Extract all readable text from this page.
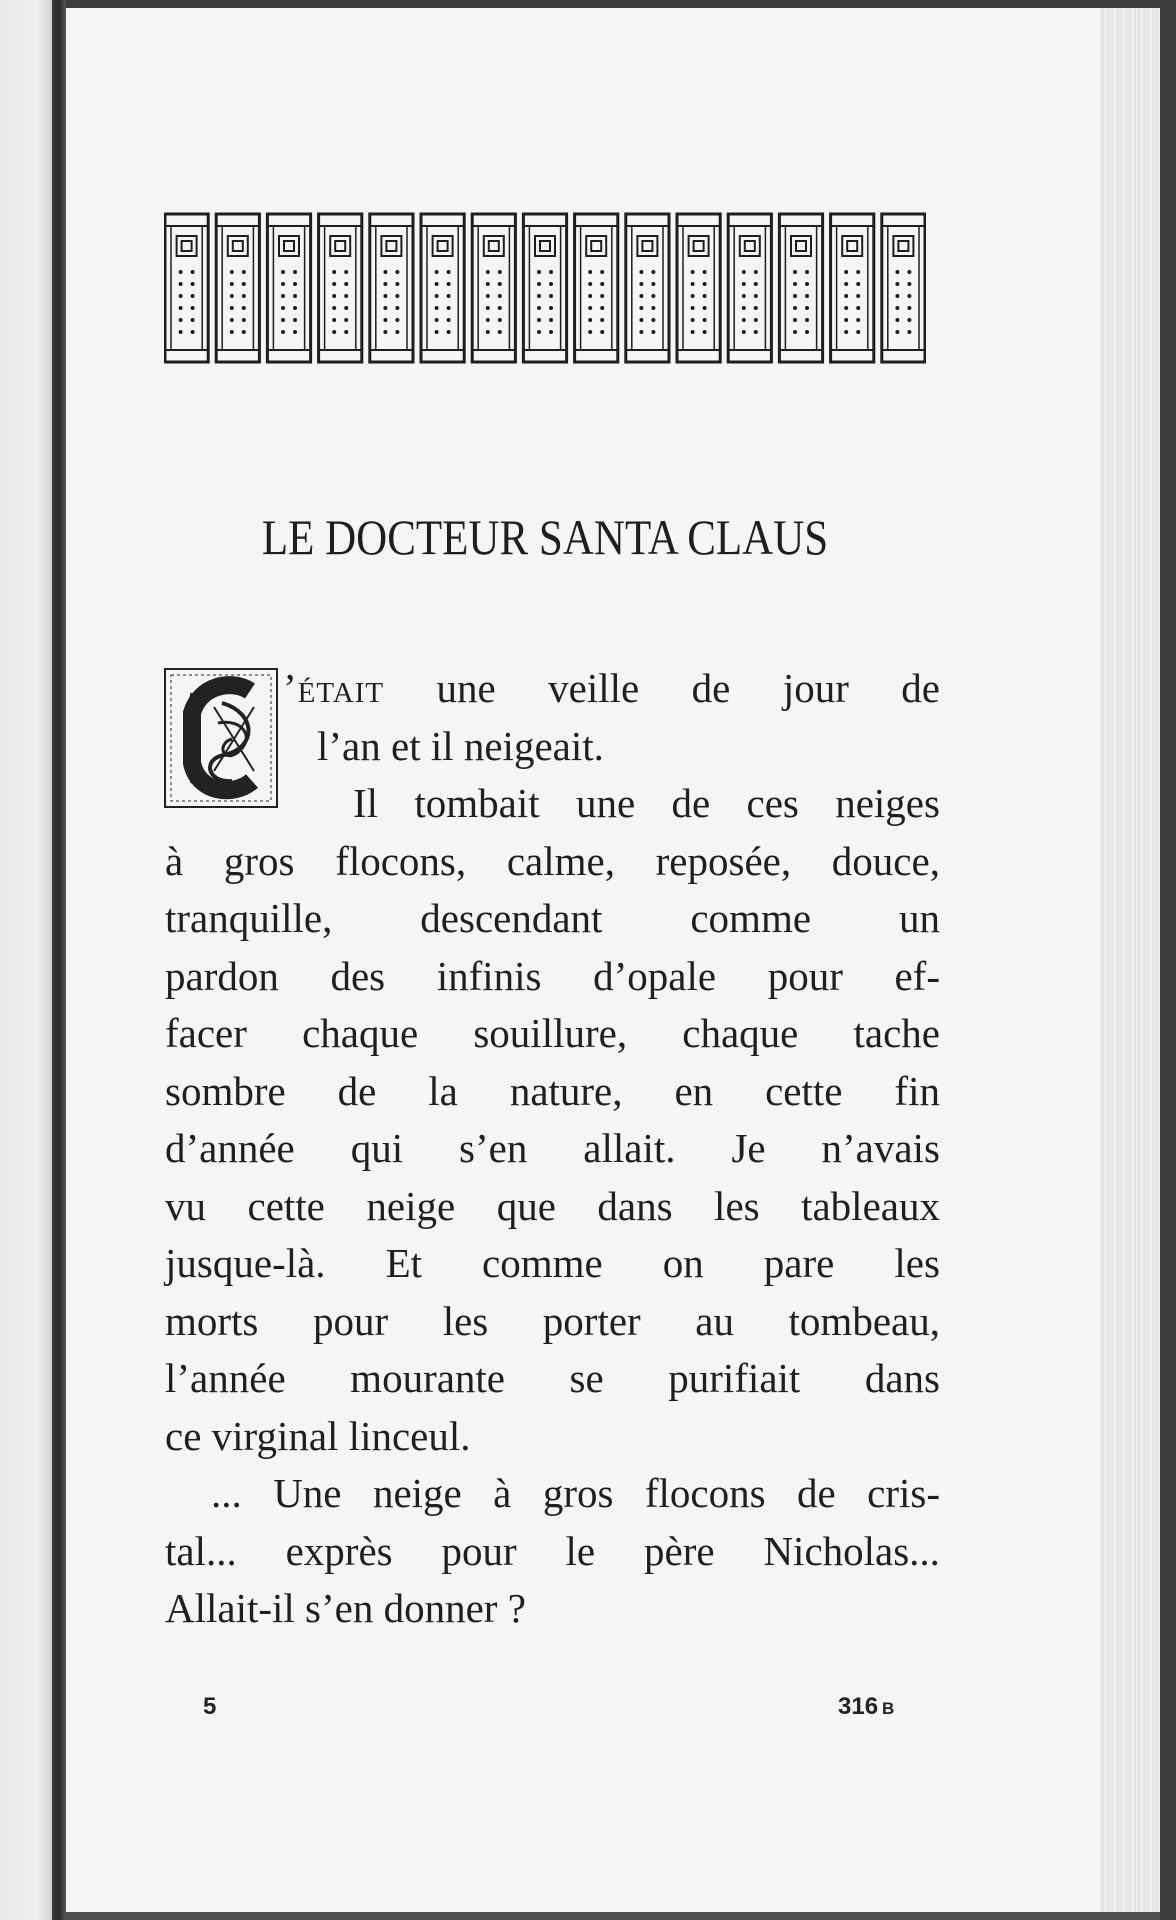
LE DOCTEUR SANTA CLAUS
’était une veille de jour de
l’an et il neigeait.
Il tombait une de ces neiges
à gros flocons, calme, reposée, douce,
tranquille, descendant comme un
pardon des infinis d’opale pour ef-
facer chaque souillure, chaque tache
sombre de la nature, en cette fin
d’année qui s’en allait. Je n’avais
vu cette neige que dans les tableaux
jusque-là. Et comme on pare les
morts pour les porter au tombeau,
l’année mourante se purifiait dans
ce virginal linceul.
... Une neige à gros flocons de cris-
tal... exprès pour le père Nicholas...
Allait-il s’en donner ?
5	316 B
